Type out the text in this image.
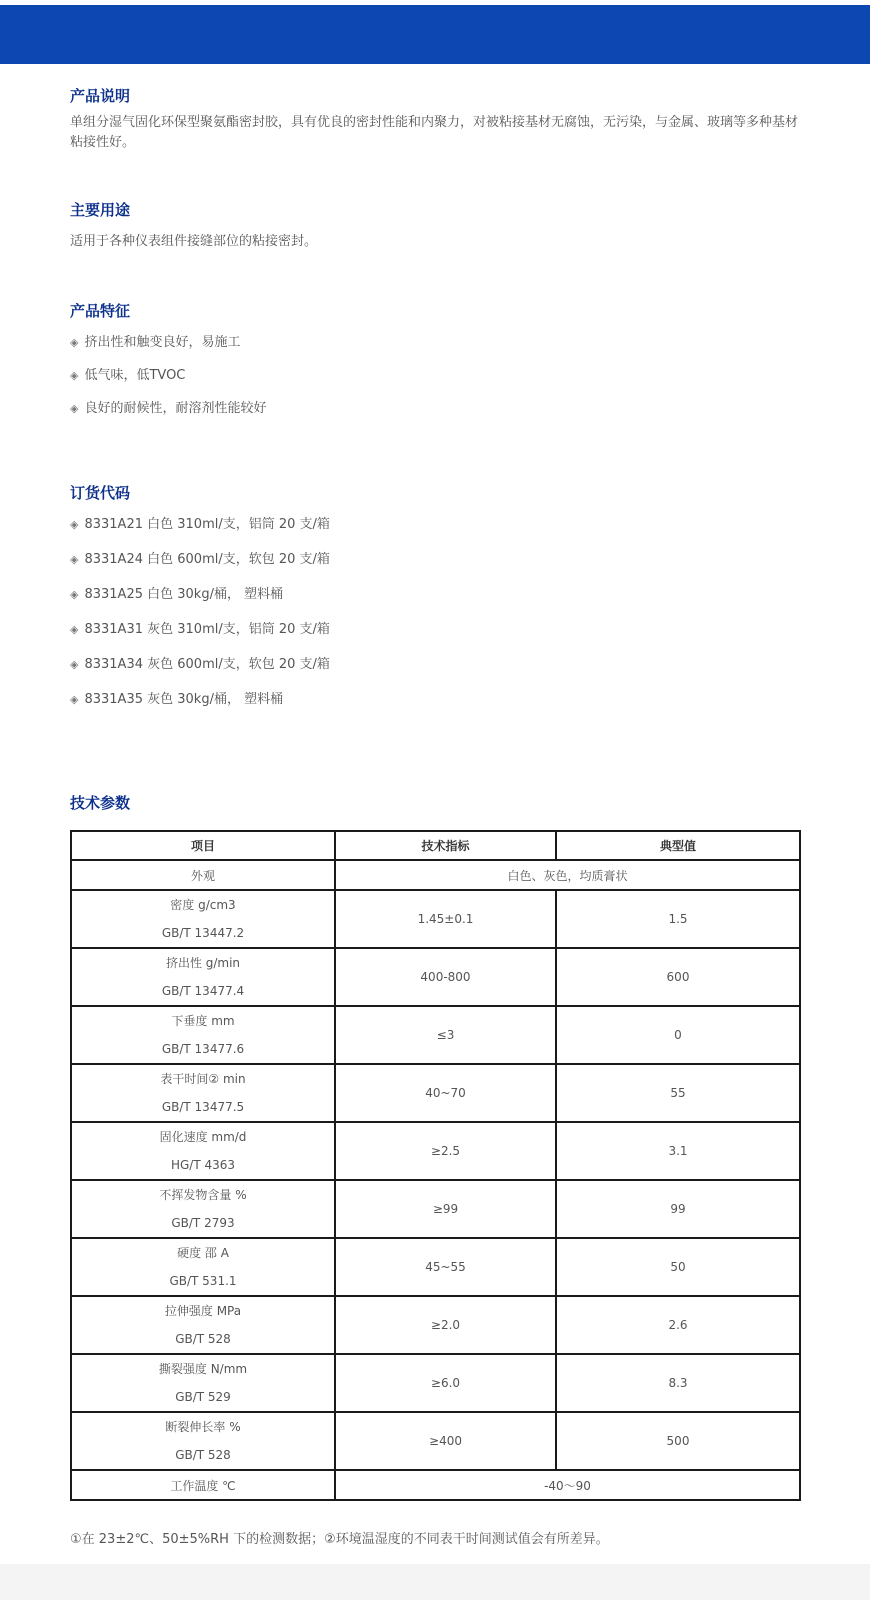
产品说明

单组分湿气固化环保型聚氨酯密封胶，具有优良的密封性能和内聚力，对被粘接基材无腐蚀，无污染，与金属、玻璃等多种基材粘接性好。

主要用途

适用于各种仪表组件接缝部位的粘接密封。

产品特征
◈ 挤出性和触变良好，易施工
◈ 低气味，低TVOC
◈ 良好的耐候性，耐溶剂性能较好
订货代码
◈ 8331A21 白色 310ml/支，铝筒 20 支/箱
◈ 8331A24 白色 600ml/支，软包 20 支/箱
◈ 8331A25 白色 30kg/桶， 塑料桶
◈ 8331A31 灰色 310ml/支，铝筒 20 支/箱
◈ 8331A34 灰色 600ml/支，软包 20 支/箱
◈ 8331A35 灰色 30kg/桶， 塑料桶
技术参数
项目	技术指标	典型值
外观	白色、灰色，均质膏状	

密度 g/cm3
GB/T 13447.2	1.45±0.1	1.5

挤出性 g/min
GB/T 13477.4	400-800	600

下垂度 mm
GB/T 13477.6	≤3	0

表干时间② min
GB/T 13477.5	40~70	55

固化速度 mm/d
HG/T 4363	≥2.5	3.1

不挥发物含量 %
GB/T 2793	≥99	99

硬度 邵 A
GB/T 531.1	45~55	50

拉伸强度 MPa
GB/T 528	≥2.0	2.6

撕裂强度 N/mm
GB/T 529	≥6.0	8.3

断裂伸长率 %
GB/T 528	≥400	500
工作温度 ℃	-40～90	

①在 23±2℃、50±5%RH 下的检测数据；②环境温湿度的不同表干时间测试值会有所差异。
